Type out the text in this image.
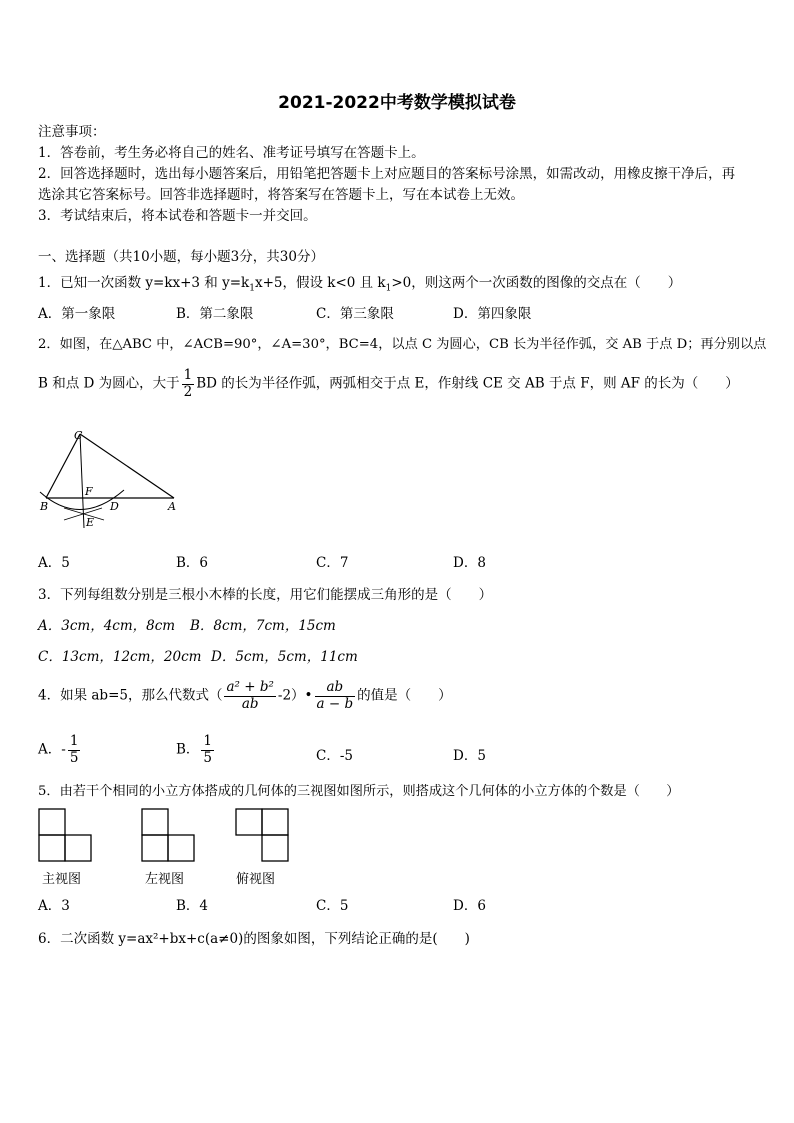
2021-2022中考数学模拟试卷
注意事项：
1．答卷前，考生务必将自己的姓名、准考证号填写在答题卡上。
2．回答选择题时，选出每小题答案后，用铅笔把答题卡上对应题目的答案标号涂黑，如需改动，用橡皮擦干净后，再
选涂其它答案标号。回答非选择题时，将答案写在答题卡上，写在本试卷上无效。
3．考试结束后，将本试卷和答题卡一并交回。
一、选择题（共10小题，每小题3分，共30分）
1．已知一次函数 y=kx+3 和 $y=k_1x+5$，假设 k<0 且 $k_1>0$，则这两个一次函数的图像的交点在（　　）
A．第一象限	B．第二象限	C．第三象限	D．第四象限
2．如图，在△ABC 中，∠ACB=90°，∠A=30°，BC=4，以点 C 为圆心，CB 长为半径作弧，交 AB 于点 D；再分别以点
B 和点 D 为圆心，大于 $\frac{1}{2}$ BD 的长为半径作弧，两弧相交于点 E，作射线 CE 交 AB 于点 F，则 AF 的长为（　　）
C
F
B	D	A
E
A．5	B．6	C．7	D．8
3．下列每组数分别是三根小木棒的长度，用它们能摆成三角形的是（　　）
A．3cm，4cm，8cm B．8cm，7cm，15cm
C．13cm，12cm，20cm D．5cm，5cm，11cm
4．如果 ab=5，那么代数式（ $\frac{\text{a² + b²}}{ab}$ -2）• $\frac{ab}{a - b}$ 的值是（　　）
A．- $\frac{1}{5}$	B． $\frac{1}{5}$	C．-5	D．5
5．由若干个相同的小立方体搭成的几何体的三视图如图所示，则搭成这个几何体的小立方体的个数是（　　）
主视图	左视图	俯视图
A．3	B．4	C．5	D．6
6．二次函数 y=ax²+bx+c(a≠0)的图象如图，下列结论正确的是(　　)
